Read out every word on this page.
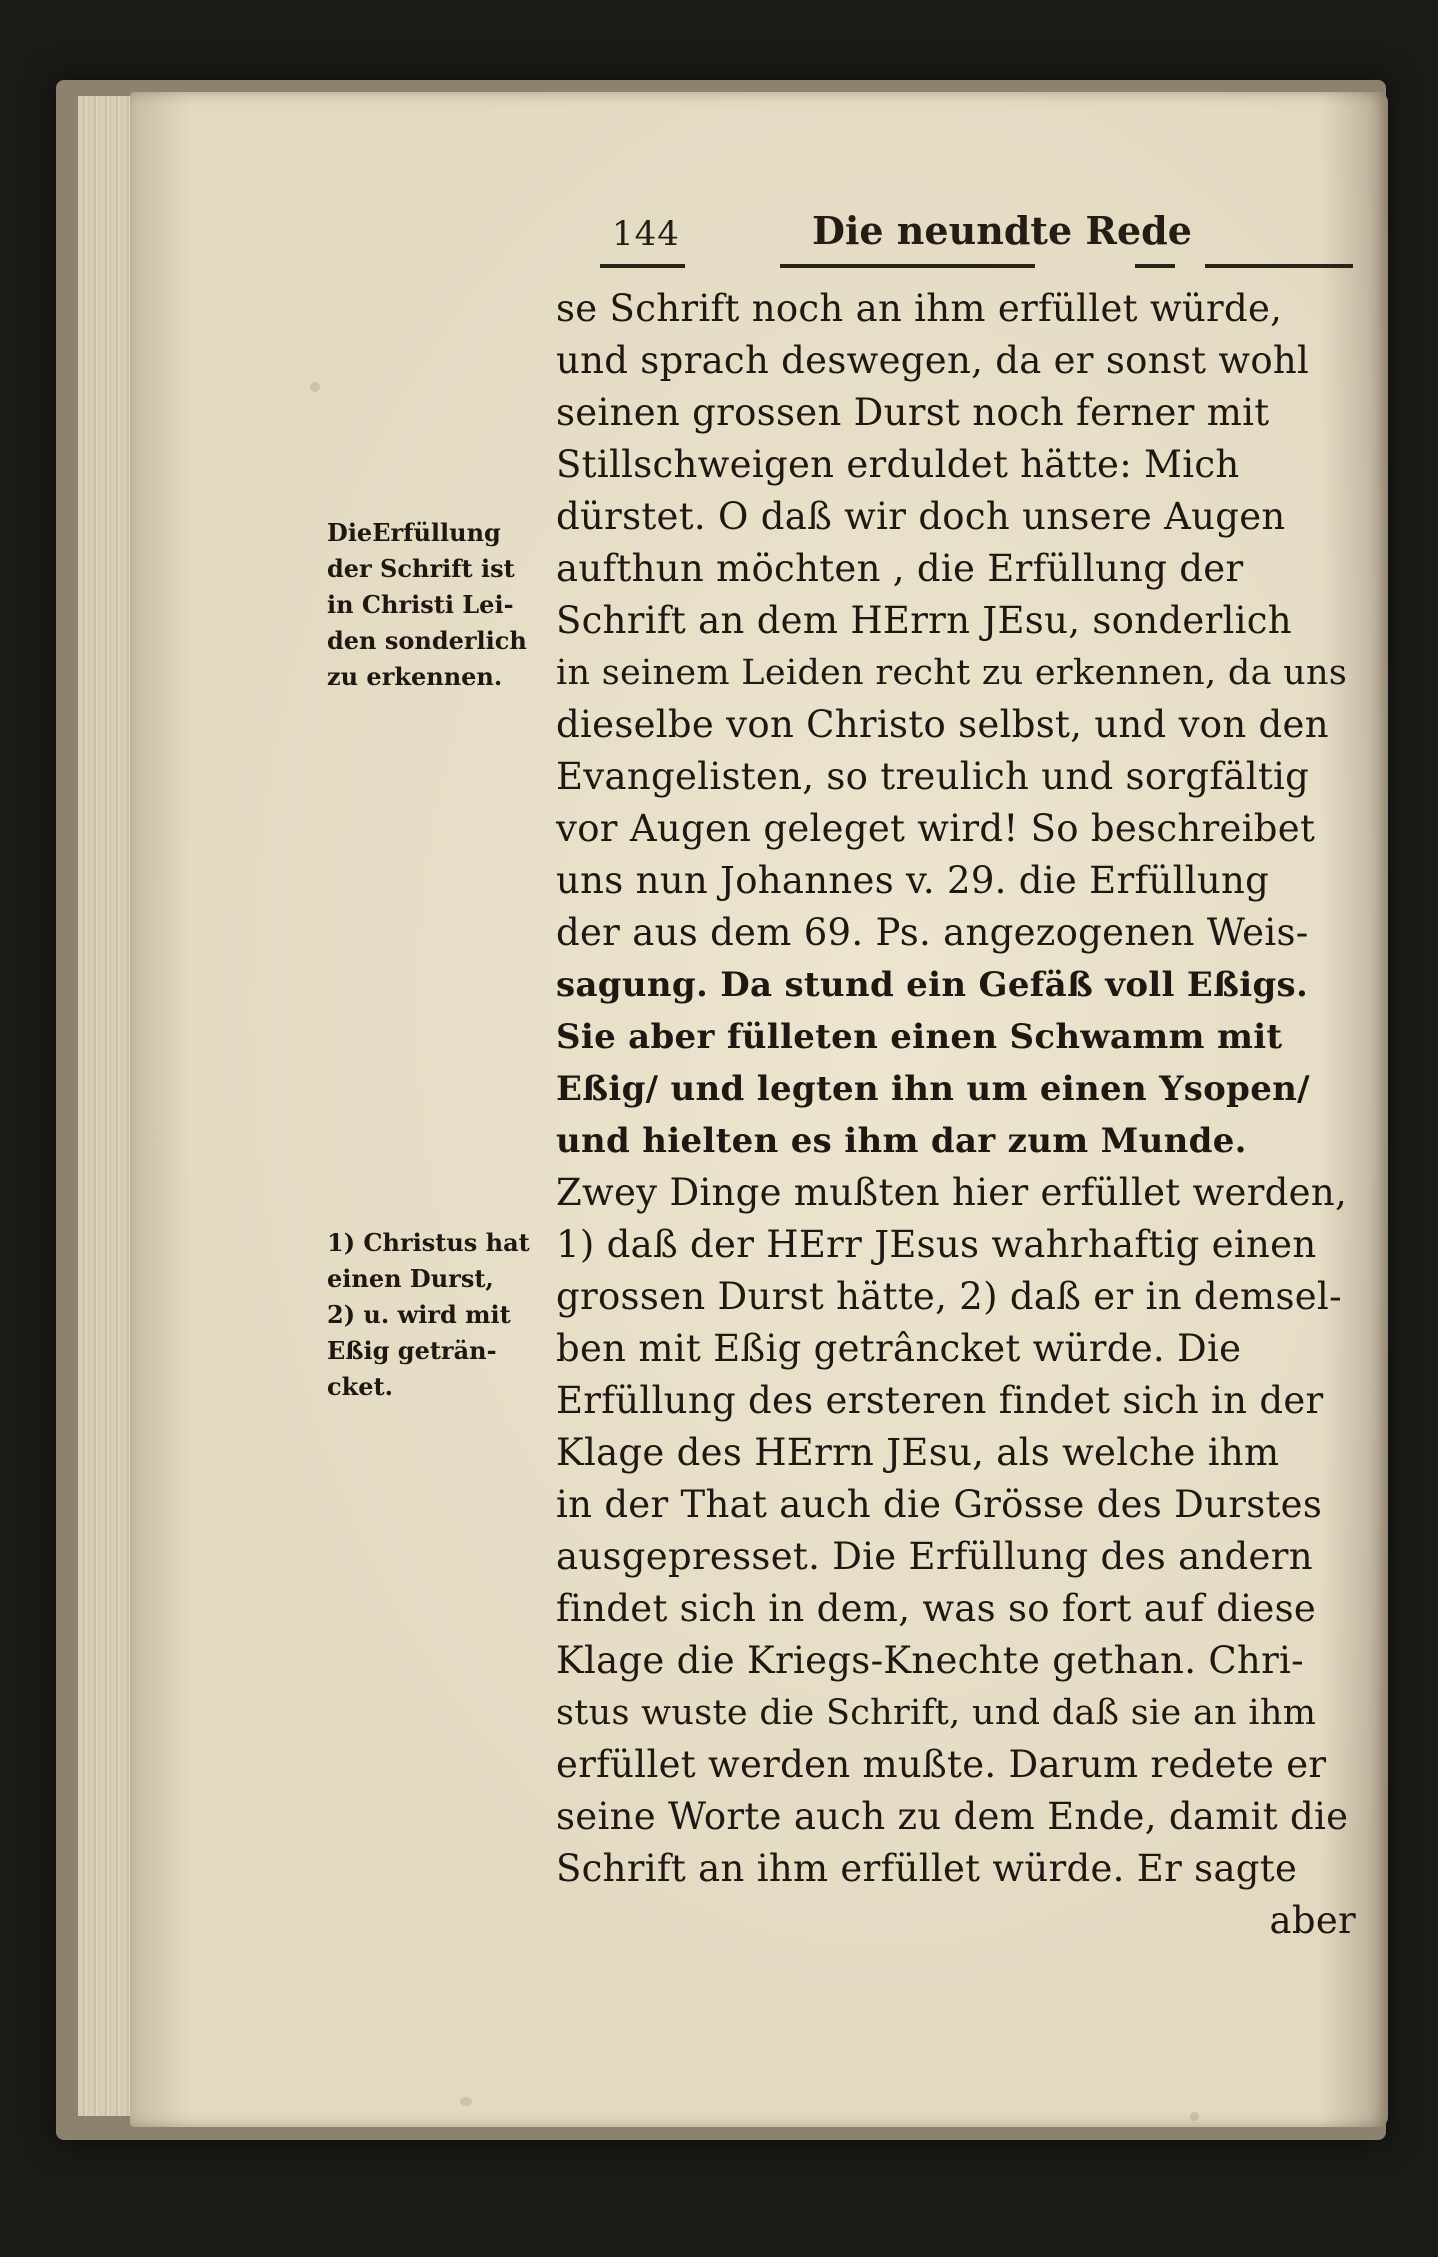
144	Die neundte Rede
DieErfüllung
der Schrift ist
in Christi Lei-
den sonderlich
zu erkennen.
1) Christus hat
einen Durst,
2) u. wird mit
Eßig geträn-
cket.
se Schrift noch an ihm erfüllet würde,
und sprach deswegen, da er sonst wohl
seinen grossen Durst noch ferner mit
Stillschweigen erduldet hätte: Mich
dürstet. O daß wir doch unsere Augen
aufthun möchten , die Erfüllung der
Schrift an dem HErrn JEsu, sonderlich
in seinem Leiden recht zu erkennen, da uns
dieselbe von Christo selbst, und von den
Evangelisten, so treulich und sorgfältig
vor Augen geleget wird! So beschreibet
uns nun Johannes v. 29. die Erfüllung
der aus dem 69. Ps. angezogenen Weis-
sagung. Da stund ein Gefäß voll Eßigs.
Sie aber fülleten einen Schwamm mit
Eßig/ und legten ihn um einen Ysopen/
und hielten es ihm dar zum Munde.
Zwey Dinge mußten hier erfüllet werden,
1) daß der HErr JEsus wahrhaftig einen
grossen Durst hätte, 2) daß er in demsel-
ben mit Eßig getrâncket würde. Die
Erfüllung des ersteren findet sich in der
Klage des HErrn JEsu, als welche ihm
in der That auch die Grösse des Durstes
ausgepresset. Die Erfüllung des andern
findet sich in dem, was so fort auf diese
Klage die Kriegs-Knechte gethan. Chri-
stus wuste die Schrift, und daß sie an ihm
erfüllet werden mußte. Darum redete er
seine Worte auch zu dem Ende, damit die
Schrift an ihm erfüllet würde. Er sagte
aber
